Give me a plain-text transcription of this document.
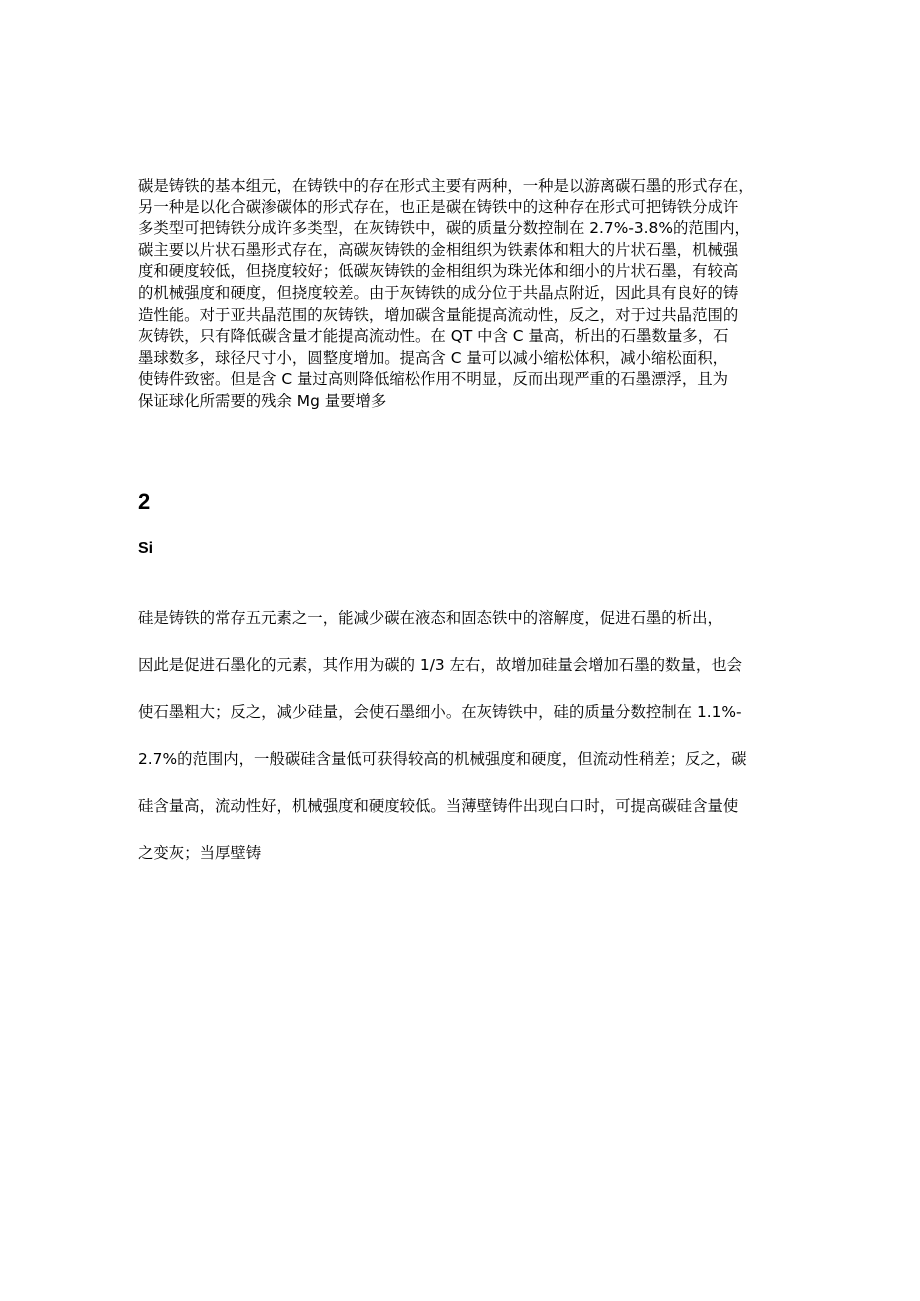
碳是铸铁的基本组元，在铸铁中的存在形式主要有两种，一种是以游离碳石墨的形式存在，
另一种是以化合碳渗碳体的形式存在，也正是碳在铸铁中的这种存在形式可把铸铁分成许
多类型可把铸铁分成许多类型，在灰铸铁中，碳的质量分数控制在 2.7%-3.8%的范围内，
碳主要以片状石墨形式存在，高碳灰铸铁的金相组织为铁素体和粗大的片状石墨，机械强
度和硬度较低，但挠度较好；低碳灰铸铁的金相组织为珠光体和细小的片状石墨，有较高
的机械强度和硬度，但挠度较差。由于灰铸铁的成分位于共晶点附近，因此具有良好的铸
造性能。对于亚共晶范围的灰铸铁，增加碳含量能提高流动性，反之，对于过共晶范围的
灰铸铁，只有降低碳含量才能提高流动性。在 QT 中含 C 量高，析出的石墨数量多，石
墨球数多，球径尺寸小，圆整度增加。提高含 C 量可以减小缩松体积，减小缩松面积，
使铸件致密。但是含 C 量过高则降低缩松作用不明显，反而出现严重的石墨漂浮，且为
保证球化所需要的残余 Mg 量要增多
2
Si
硅是铸铁的常存五元素之一，能减少碳在液态和固态铁中的溶解度，促进石墨的析出，
因此是促进石墨化的元素，其作用为碳的 1/3 左右，故增加硅量会增加石墨的数量，也会
使石墨粗大；反之，减少硅量，会使石墨细小。在灰铸铁中，硅的质量分数控制在 1.1%-
2.7%的范围内，一般碳硅含量低可获得较高的机械强度和硬度，但流动性稍差；反之，碳
硅含量高，流动性好，机械强度和硬度较低。当薄壁铸件出现白口时，可提高碳硅含量使
之变灰；当厚壁铸
